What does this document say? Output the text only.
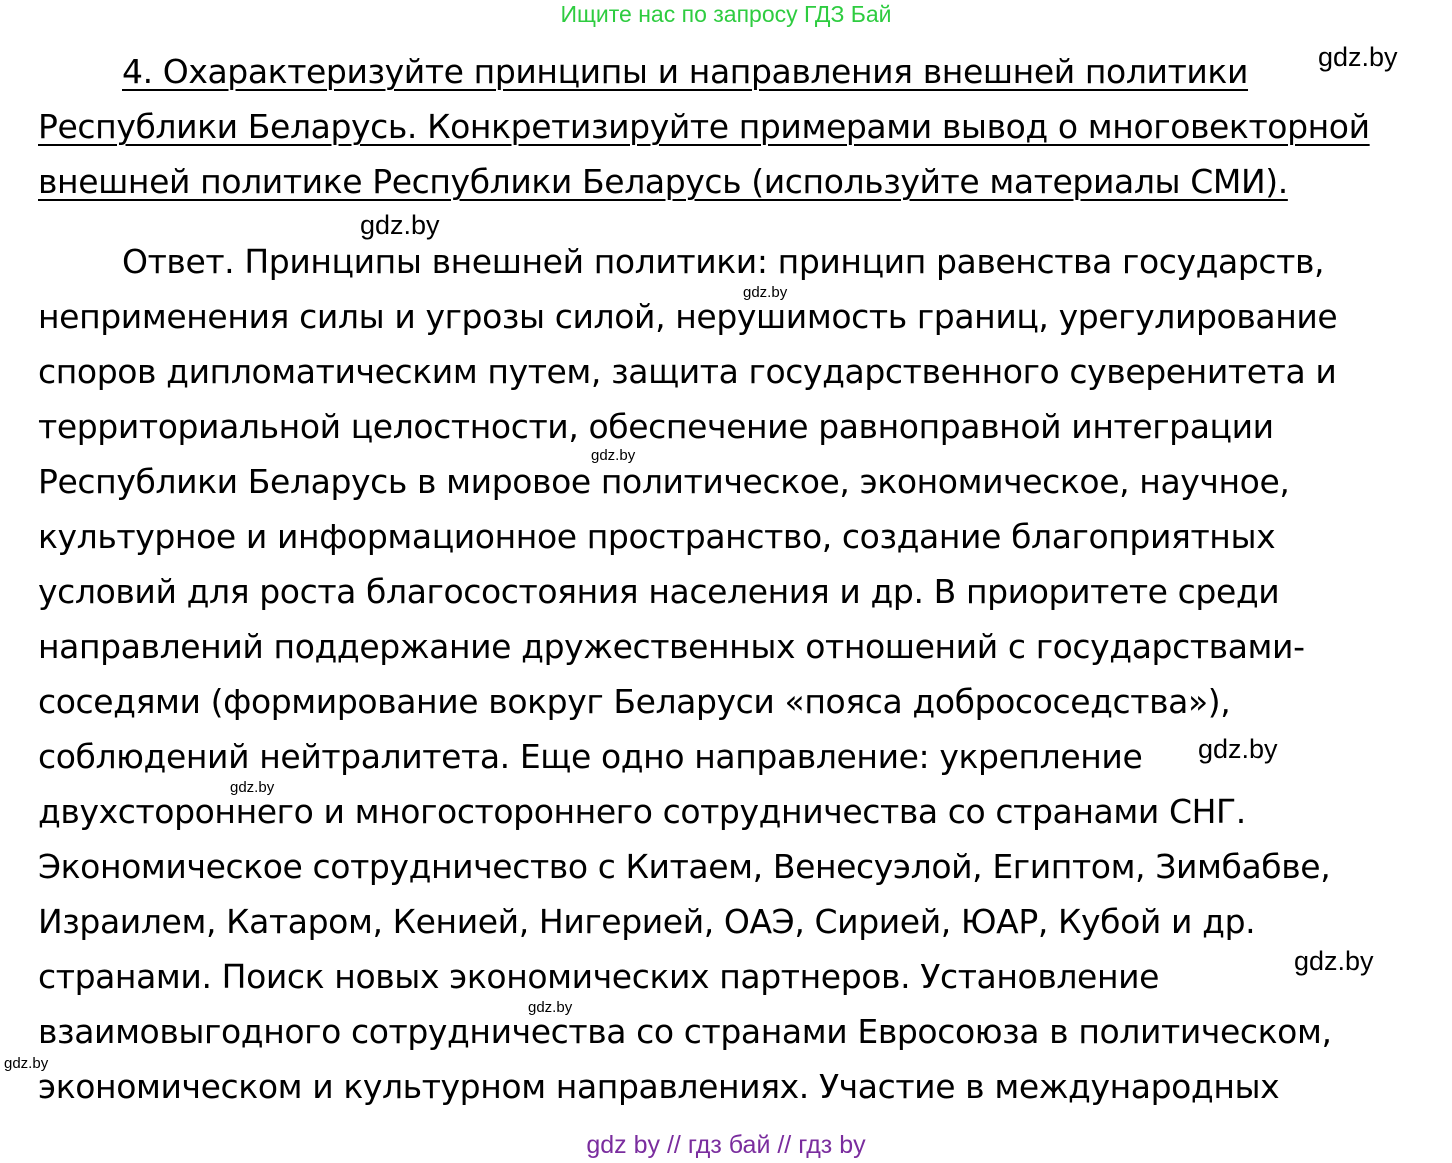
Ищите нас по запросу ГДЗ Бай
4. Охарактеризуйте принципы и направления внешней политики
Республики Беларусь. Конкретизируйте примерами вывод о многовекторной
внешней политике Республики Беларусь (используйте материалы СМИ).
Ответ. Принципы внешней политики: принцип равенства государств,
неприменения силы и угрозы силой, нерушимость границ, урегулирование
споров дипломатическим путем, защита государственного суверенитета и
территориальной целостности, обеспечение равноправной интеграции
Республики Беларусь в мировое политическое, экономическое, научное,
культурное и информационное пространство, создание благоприятных
условий для роста благосостояния населения и др. В приоритете среди
направлений поддержание дружественных отношений с государствами-
соседями (формирование вокруг Беларуси «пояса добрососедства»),
соблюдений нейтралитета. Еще одно направление: укрепление
двухстороннего и многостороннего сотрудничества со странами СНГ.
Экономическое сотрудничество с Китаем, Венесуэлой, Египтом, Зимбабве,
Израилем, Катаром, Кенией, Нигерией, ОАЭ, Сирией, ЮАР, Кубой и др.
странами. Поиск новых экономических партнеров. Установление
взаимовыгодного сотрудничества со странами Евросоюза в политическом,
экономическом и культурном направлениях. Участие в международных
gdz.by
gdz.by
gdz.by
gdz.by
gdz.by
gdz.by
gdz.by
gdz.by
gdz.by
gdz by // гдз бай // гдз by
